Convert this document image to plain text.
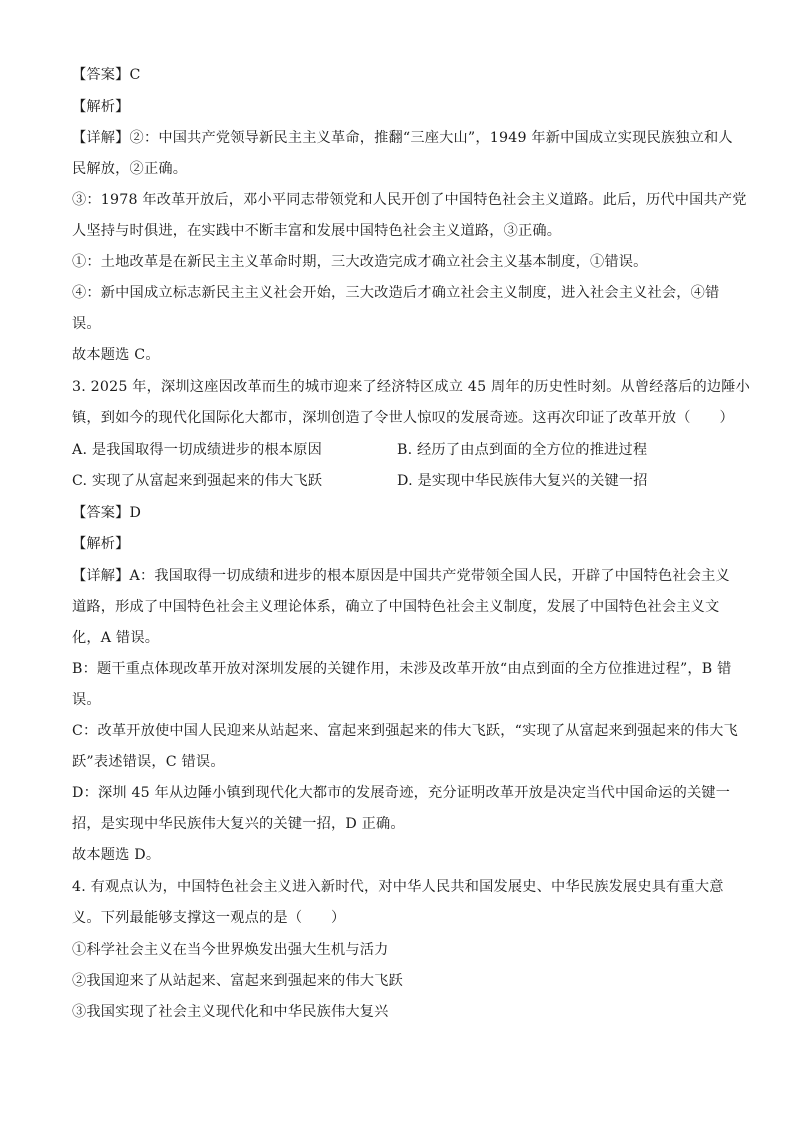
【答案】C
【解析】
【详解】②：中国共产党领导新民主主义革命，推翻“三座大山”，1949 年新中国成立实现民族独立和人
民解放，②正确。
③：1978 年改革开放后，邓小平同志带领党和人民开创了中国特色社会主义道路。此后，历代中国共产党
人坚持与时俱进，在实践中不断丰富和发展中国特色社会主义道路，③正确。
①：土地改革是在新民主主义革命时期，三大改造完成才确立社会主义基本制度，①错误。
④：新中国成立标志新民主主义社会开始，三大改造后才确立社会主义制度，进入社会主义社会，④错
误。
故本题选 C。
3. 2025 年，深圳这座因改革而生的城市迎来了经济特区成立 45 周年的历史性时刻。从曾经落后的边陲小
镇，到如今的现代化国际化大都市，深圳创造了令世人惊叹的发展奇迹。这再次印证了改革开放（　　）
A. 是我国取得一切成绩进步的根本原因	B. 经历了由点到面的全方位的推进过程
C. 实现了从富起来到强起来的伟大飞跃	D. 是实现中华民族伟大复兴的关键一招
【答案】D
【解析】
【详解】A：我国取得一切成绩和进步的根本原因是中国共产党带领全国人民，开辟了中国特色社会主义
道路，形成了中国特色社会主义理论体系，确立了中国特色社会主义制度，发展了中国特色社会主义文
化，A 错误。
B：题干重点体现改革开放对深圳发展的关键作用，未涉及改革开放“由点到面的全方位推进过程”，B 错
误。
C：改革开放使中国人民迎来从站起来、富起来到强起来的伟大飞跃，“实现了从富起来到强起来的伟大飞
跃”表述错误，C 错误。
D：深圳 45 年从边陲小镇到现代化大都市的发展奇迹，充分证明改革开放是决定当代中国命运的关键一
招，是实现中华民族伟大复兴的关键一招，D 正确。
故本题选 D。
4. 有观点认为，中国特色社会主义进入新时代，对中华人民共和国发展史、中华民族发展史具有重大意
义。下列最能够支撑这一观点的是（　　）
①科学社会主义在当今世界焕发出强大生机与活力
②我国迎来了从站起来、富起来到强起来的伟大飞跃
③我国实现了社会主义现代化和中华民族伟大复兴
